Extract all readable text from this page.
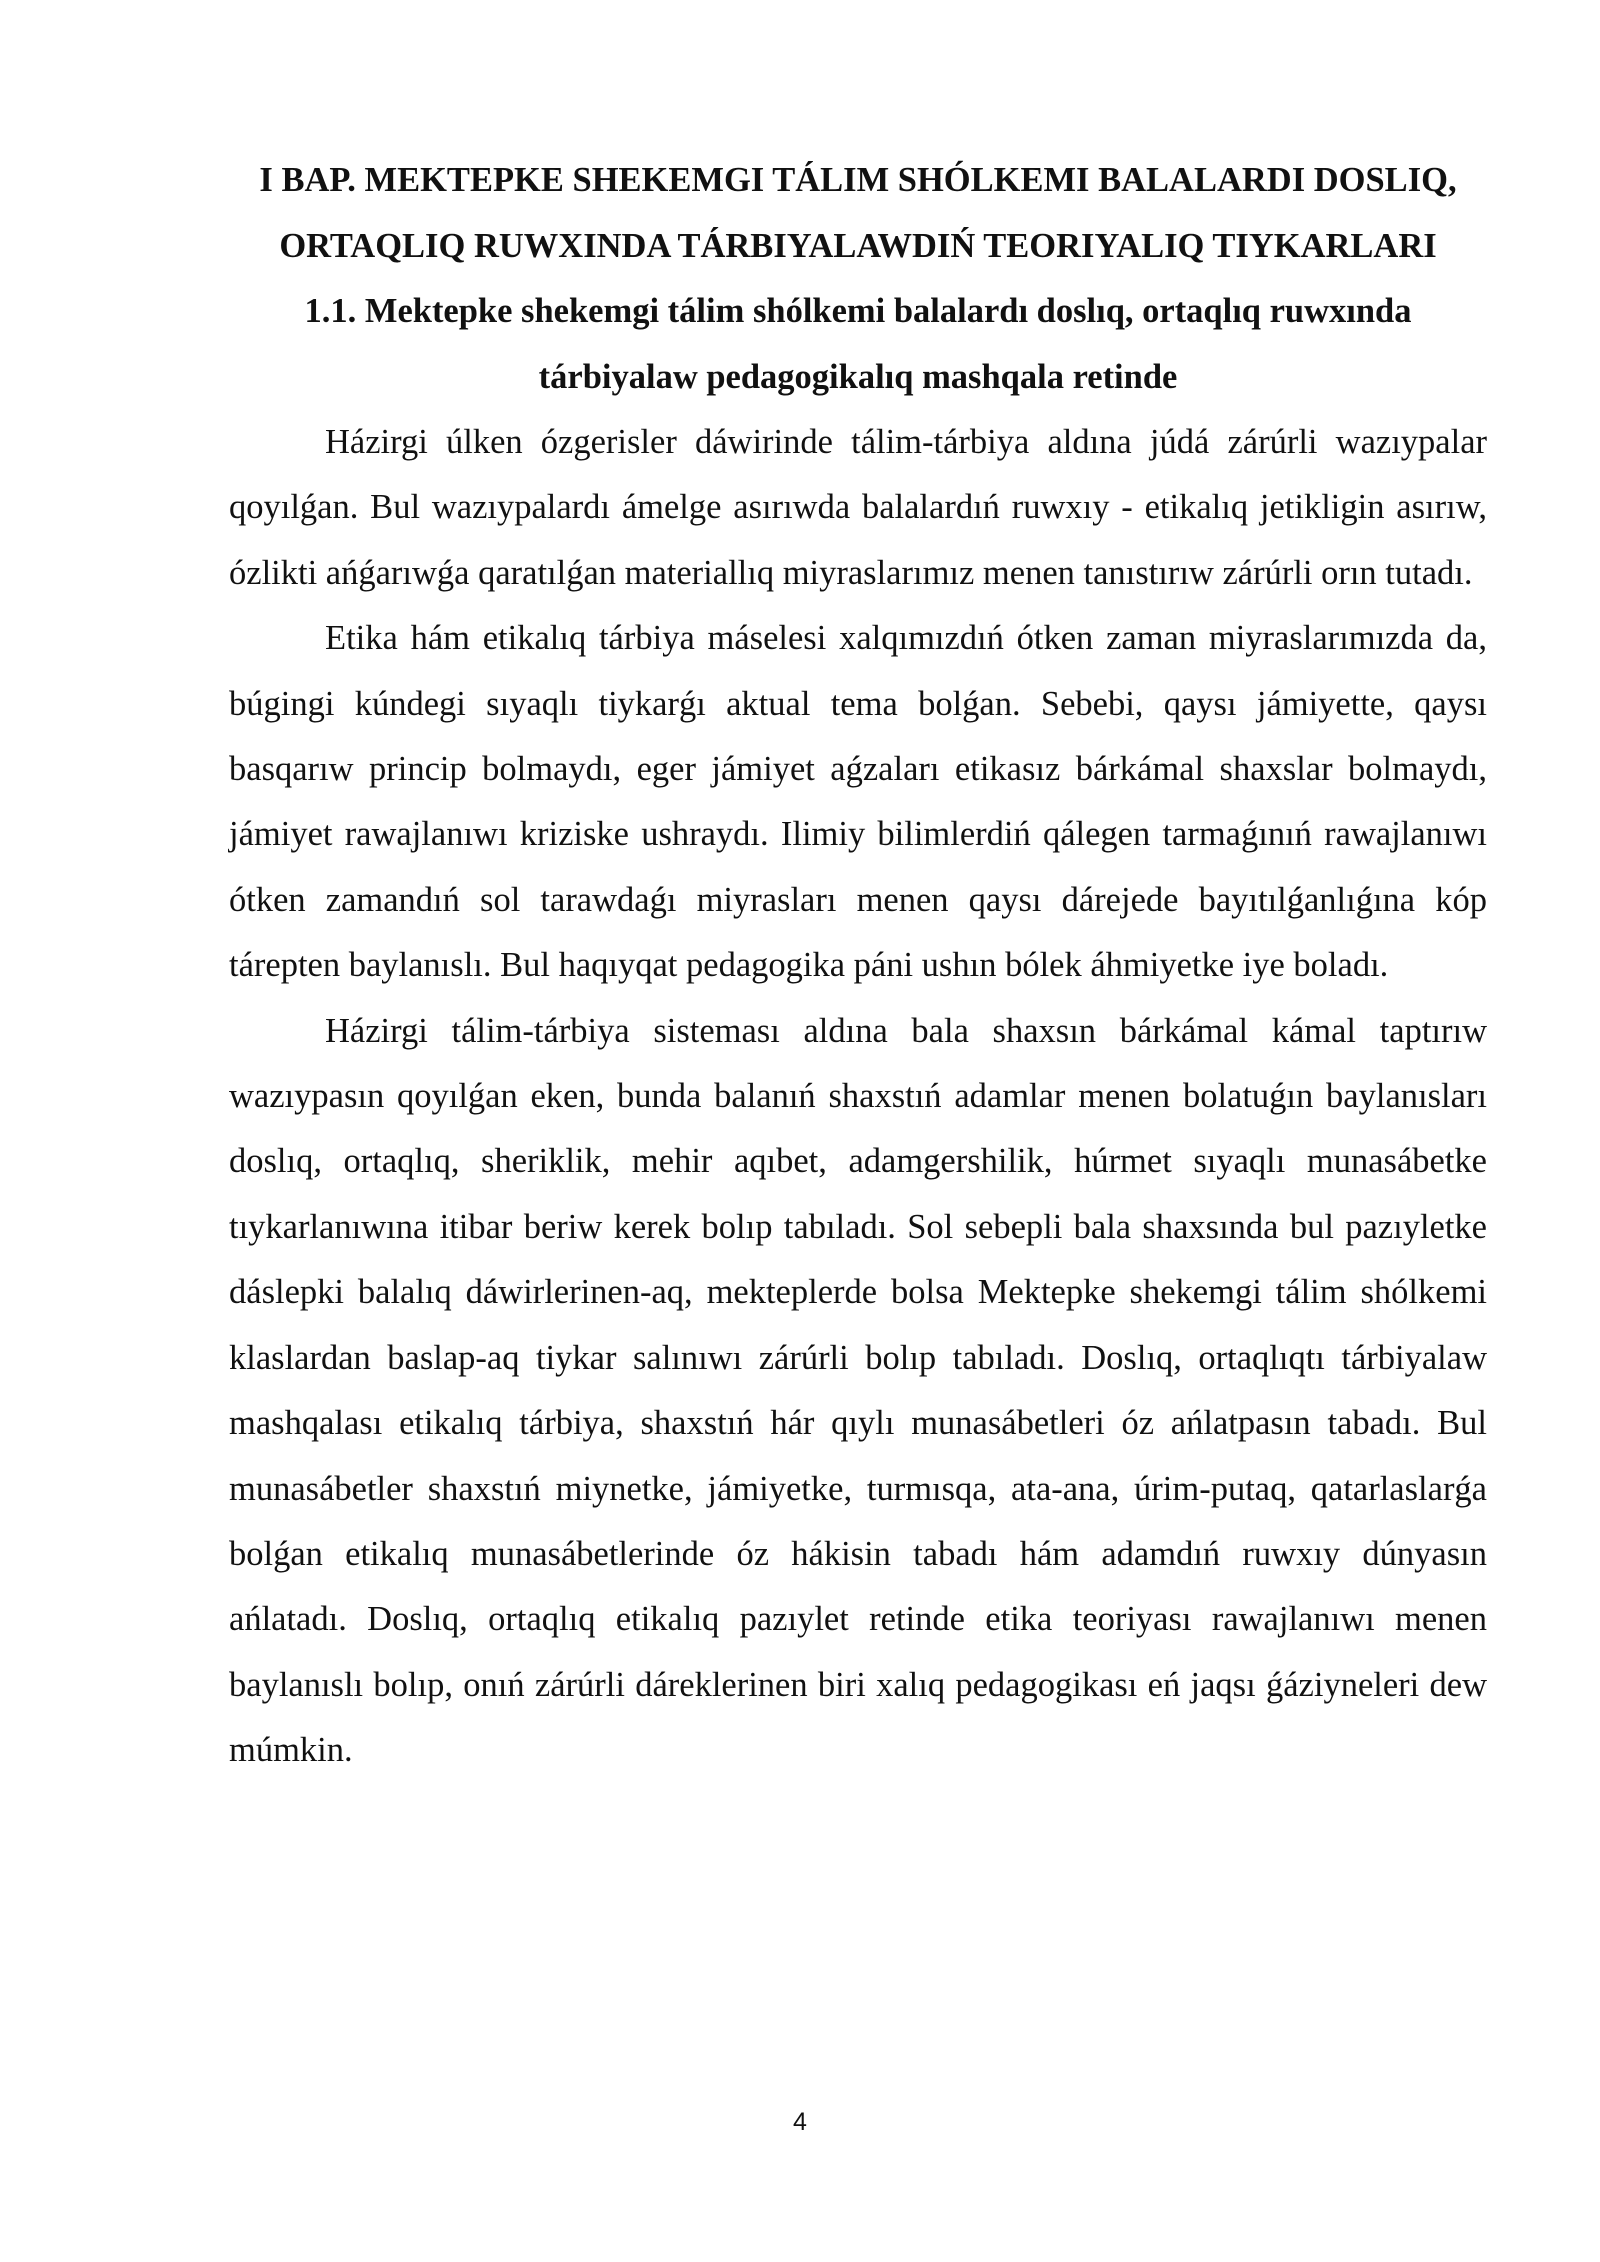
I BAP. MEKTEPKE SHEKEMGI TÁLIM SHÓLKEMI BALALARDI DOSLIQ, ORTAQLIQ RUWXINDA TÁRBIYALAWDIŃ TEORIYALIQ TIYKARLARI
1.1. Mektepke shekemgi tálim shólkemi balalardı doslıq, ortaqlıq ruwxında tárbiyalaw pedagogikalıq mashqala retinde

Házirgi úlken ózgerisler dáwirinde tálim-tárbiya aldına júdá zárúrli wazıypalar qoyılǵan. Bul wazıypalardı ámelge asırıwda balalardıń ruwxıy - etikalıq jetikligin asırıw, ózlikti ańǵarıwǵa qaratılǵan materiallıq miyraslarımız menen tanıstırıw zárúrli orın tutadı.

Etika hám etikalıq tárbiya máselesi xalqımızdıń ótken zaman miyraslarımızda da, búgingi kúndegi sıyaqlı tiykarǵı aktual tema bolǵan. Sebebi, qaysı jámiyette, qaysı basqarıw princip bolmaydı, eger jámiyet aǵzaları etikasız bárkámal shaxslar bolmaydı, jámiyet rawajlanıwı kriziske ushraydı. Ilimiy bilimlerdiń qálegen tarmaǵınıń rawajlanıwı ótken zamandıń sol tarawdaǵı miyrasları menen qaysı dárejede bayıtılǵanlıǵına kóp tárepten baylanıslı. Bul haqıyqat pedagogika páni ushın bólek áhmiyetke iye boladı.

Házirgi tálim-tárbiya sisteması aldına bala shaxsın bárkámal kámal taptırıw wazıypasın qoyılǵan eken, bunda balanıń shaxstıń adamlar menen bolatuǵın baylanısları doslıq, ortaqlıq, sheriklik, mehir aqıbet, adamgershilik, húrmet sıyaqlı munasábetke tıykarlanıwına itibar beriw kerek bolıp tabıladı. Sol sebepli bala shaxsında bul pazıyletke dáslepki balalıq dáwirlerinen-aq, mekteplerde bolsa Mektepke shekemgi tálim shólkemi klaslardan baslap-aq tiykar salınıwı zárúrli bolıp tabıladı. Doslıq, ortaqlıqtı tárbiyalaw mashqalası etikalıq tárbiya, shaxstıń hár qıylı munasábetleri óz ańlatpasın tabadı. Bul munasábetler shaxstıń miynetke, jámiyetke, turmısqa, ata-ana, úrim-putaq, qatarlaslarǵa bolǵan etikalıq munasábetlerinde óz hákisin tabadı hám adamdıń ruwxıy dúnyasın ańlatadı. Doslıq, ortaqlıq etikalıq pazıylet retinde etika teoriyası rawajlanıwı menen baylanıslı bolıp, onıń zárúrli dáreklerinen biri xalıq pedagogikası eń jaqsı ǵáziyneleri dew múmkin.

4
